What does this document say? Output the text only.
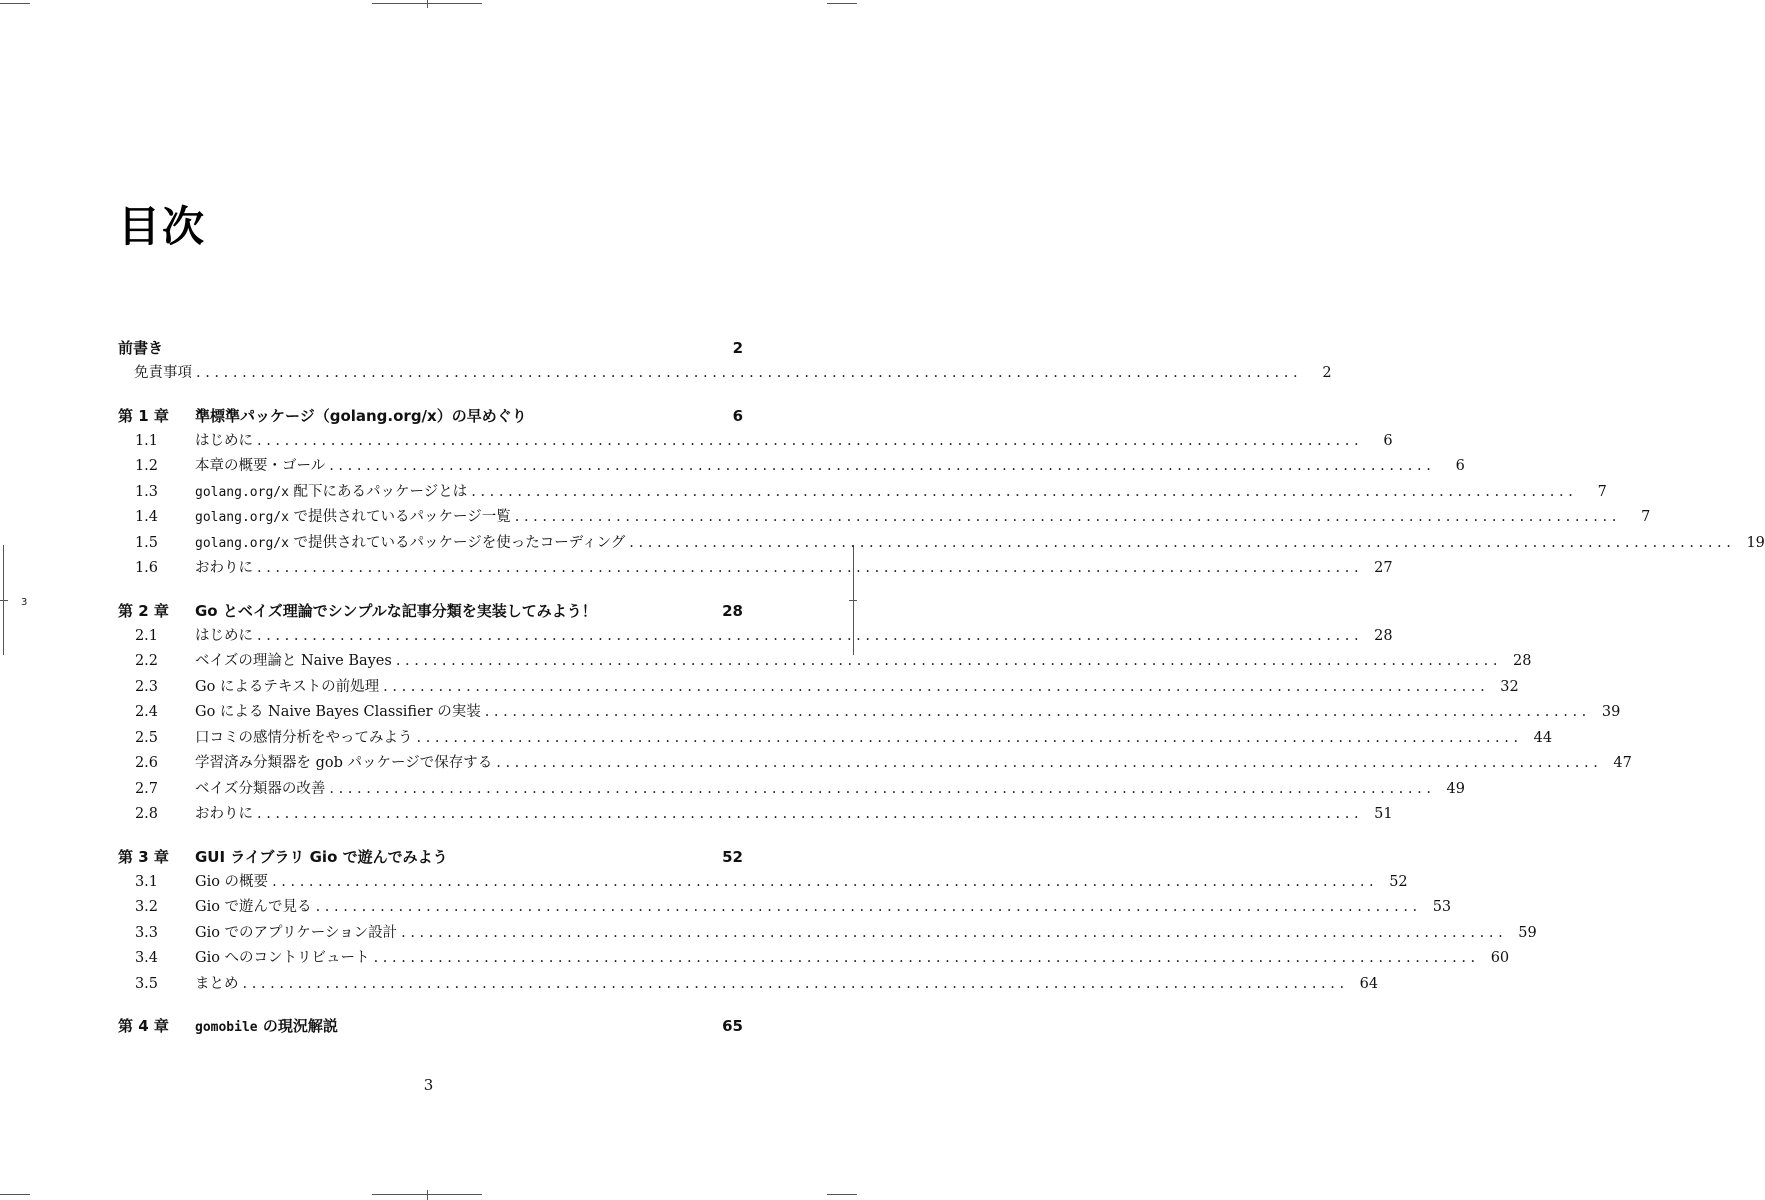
3
目次
前書き	2
免責事項 . . . . . . . . . . . . . . . . . . . . . . . . . . . . . . . . . . . . . . . . . . . . . . . . . . . . . . . . . . . . . . . . . . . . . . . . . . . . . . . . . . . . . . . . . . . . . . . . . . . . . . . . . . . . . . . . . . . . . . . .	2
第 1 章	準標準パッケージ（golang.org/x）の早めぐり	6
1.1	はじめに . . . . . . . . . . . . . . . . . . . . . . . . . . . . . . . . . . . . . . . . . . . . . . . . . . . . . . . . . . . . . . . . . . . . . . . . . . . . . . . . . . . . . . . . . . . . . . . . . . . . . . . . . . . . . . . . . . . . . . . .	6
1.2	本章の概要・ゴール . . . . . . . . . . . . . . . . . . . . . . . . . . . . . . . . . . . . . . . . . . . . . . . . . . . . . . . . . . . . . . . . . . . . . . . . . . . . . . . . . . . . . . . . . . . . . . . . . . . . . . . . . . . . . . . . . . . . . . . .	6
1.3	golang.org/x 配下にあるパッケージとは . . . . . . . . . . . . . . . . . . . . . . . . . . . . . . . . . . . . . . . . . . . . . . . . . . . . . . . . . . . . . . . . . . . . . . . . . . . . . . . . . . . . . . . . . . . . . . . . . . . . . . . . . . . . . . . . . . . . . . . .	7
1.4	golang.org/x で提供されているパッケージ一覧 . . . . . . . . . . . . . . . . . . . . . . . . . . . . . . . . . . . . . . . . . . . . . . . . . . . . . . . . . . . . . . . . . . . . . . . . . . . . . . . . . . . . . . . . . . . . . . . . . . . . . . . . . . . . . . . . . . . . . . . .	7
1.5	golang.org/x で提供されているパッケージを使ったコーディング . . . . . . . . . . . . . . . . . . . . . . . . . . . . . . . . . . . . . . . . . . . . . . . . . . . . . . . . . . . . . . . . . . . . . . . . . . . . . . . . . . . . . . . . . . . . . . . . . . . . . . . . . . . . . . . . . . . . . . . .	19
1.6	おわりに . . . . . . . . . . . . . . . . . . . . . . . . . . . . . . . . . . . . . . . . . . . . . . . . . . . . . . . . . . . . . . . . . . . . . . . . . . . . . . . . . . . . . . . . . . . . . . . . . . . . . . . . . . . . . . . . . . . . . . . .	27
第 2 章	Go とベイズ理論でシンプルな記事分類を実装してみよう！	28
2.1	はじめに . . . . . . . . . . . . . . . . . . . . . . . . . . . . . . . . . . . . . . . . . . . . . . . . . . . . . . . . . . . . . . . . . . . . . . . . . . . . . . . . . . . . . . . . . . . . . . . . . . . . . . . . . . . . . . . . . . . . . . . .	28
2.2	ベイズの理論と Naive Bayes . . . . . . . . . . . . . . . . . . . . . . . . . . . . . . . . . . . . . . . . . . . . . . . . . . . . . . . . . . . . . . . . . . . . . . . . . . . . . . . . . . . . . . . . . . . . . . . . . . . . . . . . . . . . . . . . . . . . . . . .	28
2.3	Go によるテキストの前処理 . . . . . . . . . . . . . . . . . . . . . . . . . . . . . . . . . . . . . . . . . . . . . . . . . . . . . . . . . . . . . . . . . . . . . . . . . . . . . . . . . . . . . . . . . . . . . . . . . . . . . . . . . . . . . . . . . . . . . . . .	32
2.4	Go による Naive Bayes Classifier の実装 . . . . . . . . . . . . . . . . . . . . . . . . . . . . . . . . . . . . . . . . . . . . . . . . . . . . . . . . . . . . . . . . . . . . . . . . . . . . . . . . . . . . . . . . . . . . . . . . . . . . . . . . . . . . . . . . . . . . . . . .	39
2.5	口コミの感情分析をやってみよう . . . . . . . . . . . . . . . . . . . . . . . . . . . . . . . . . . . . . . . . . . . . . . . . . . . . . . . . . . . . . . . . . . . . . . . . . . . . . . . . . . . . . . . . . . . . . . . . . . . . . . . . . . . . . . . . . . . . . . . .	44
2.6	学習済み分類器を gob パッケージで保存する . . . . . . . . . . . . . . . . . . . . . . . . . . . . . . . . . . . . . . . . . . . . . . . . . . . . . . . . . . . . . . . . . . . . . . . . . . . . . . . . . . . . . . . . . . . . . . . . . . . . . . . . . . . . . . . . . . . . . . . .	47
2.7	ベイズ分類器の改善 . . . . . . . . . . . . . . . . . . . . . . . . . . . . . . . . . . . . . . . . . . . . . . . . . . . . . . . . . . . . . . . . . . . . . . . . . . . . . . . . . . . . . . . . . . . . . . . . . . . . . . . . . . . . . . . . . . . . . . . .	49
2.8	おわりに . . . . . . . . . . . . . . . . . . . . . . . . . . . . . . . . . . . . . . . . . . . . . . . . . . . . . . . . . . . . . . . . . . . . . . . . . . . . . . . . . . . . . . . . . . . . . . . . . . . . . . . . . . . . . . . . . . . . . . . .	51
第 3 章	GUI ライブラリ Gio で遊んでみよう	52
3.1	Gio の概要 . . . . . . . . . . . . . . . . . . . . . . . . . . . . . . . . . . . . . . . . . . . . . . . . . . . . . . . . . . . . . . . . . . . . . . . . . . . . . . . . . . . . . . . . . . . . . . . . . . . . . . . . . . . . . . . . . . . . . . . .	52
3.2	Gio で遊んで見る . . . . . . . . . . . . . . . . . . . . . . . . . . . . . . . . . . . . . . . . . . . . . . . . . . . . . . . . . . . . . . . . . . . . . . . . . . . . . . . . . . . . . . . . . . . . . . . . . . . . . . . . . . . . . . . . . . . . . . . .	53
3.3	Gio でのアプリケーション設計 . . . . . . . . . . . . . . . . . . . . . . . . . . . . . . . . . . . . . . . . . . . . . . . . . . . . . . . . . . . . . . . . . . . . . . . . . . . . . . . . . . . . . . . . . . . . . . . . . . . . . . . . . . . . . . . . . . . . . . . .	59
3.4	Gio へのコントリビュート . . . . . . . . . . . . . . . . . . . . . . . . . . . . . . . . . . . . . . . . . . . . . . . . . . . . . . . . . . . . . . . . . . . . . . . . . . . . . . . . . . . . . . . . . . . . . . . . . . . . . . . . . . . . . . . . . . . . . . . .	60
3.5	まとめ . . . . . . . . . . . . . . . . . . . . . . . . . . . . . . . . . . . . . . . . . . . . . . . . . . . . . . . . . . . . . . . . . . . . . . . . . . . . . . . . . . . . . . . . . . . . . . . . . . . . . . . . . . . . . . . . . . . . . . . .	64
第 4 章	gomobile の現況解説	65
3
